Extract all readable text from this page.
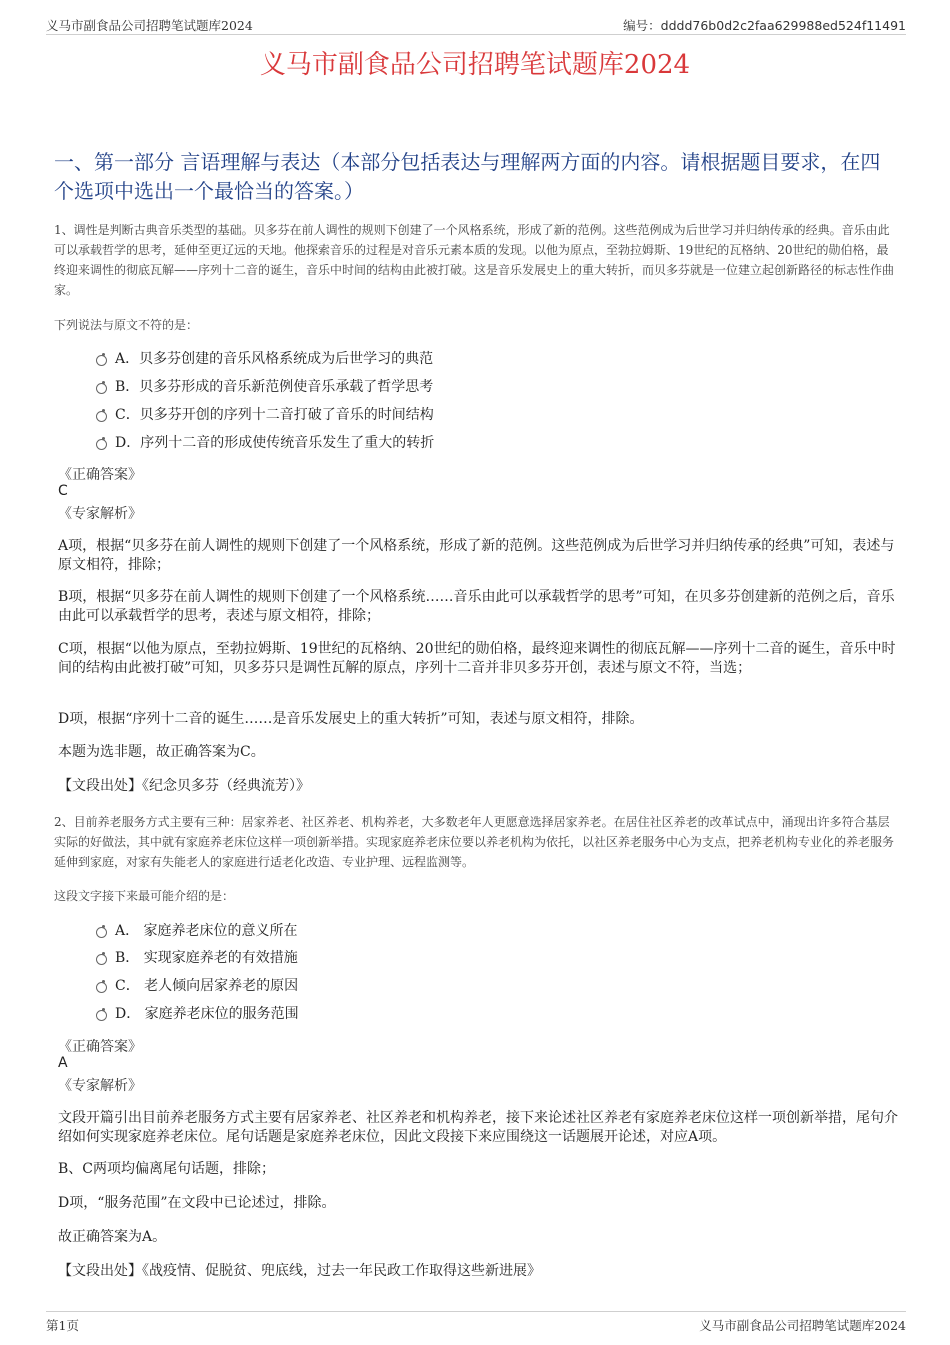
义马市副食品公司招聘笔试题库2024	编号：dddd76b0d2c2faa629988ed524f11491
义马市副食品公司招聘笔试题库2024
一、第一部分 言语理解与表达（本部分包括表达与理解两方面的内容。请根据题目要求，在四个选项中选出一个最恰当的答案。）
1、调性是判断古典音乐类型的基础。贝多芬在前人调性的规则下创建了一个风格系统，形成了新的范例。这些范例成为后世学习并归纳传承的经典。音乐由此可以承载哲学的思考，延伸至更辽远的天地。他探索音乐的过程是对音乐元素本质的发现。以他为原点，至勃拉姆斯、19世纪的瓦格纳、20世纪的勋伯格，最终迎来调性的彻底瓦解——序列十二音的诞生，音乐中时间的结构由此被打破。这是音乐发展史上的重大转折，而贝多芬就是一位建立起创新路径的标志性作曲家。
下列说法与原文不符的是：
A．贝多芬创建的音乐风格系统成为后世学习的典范
B．贝多芬形成的音乐新范例使音乐承载了哲学思考
C．贝多芬开创的序列十二音打破了音乐的时间结构
D．序列十二音的形成使传统音乐发生了重大的转折
《正确答案》
C
《专家解析》
A项，根据“贝多芬在前人调性的规则下创建了一个风格系统，形成了新的范例。这些范例成为后世学习并归纳传承的经典”可知，表述与原文相符，排除；
B项，根据“贝多芬在前人调性的规则下创建了一个风格系统……音乐由此可以承载哲学的思考”可知，在贝多芬创建新的范例之后，音乐由此可以承载哲学的思考，表述与原文相符，排除；
C项，根据“以他为原点，至勃拉姆斯、19世纪的瓦格纳、20世纪的勋伯格，最终迎来调性的彻底瓦解——序列十二音的诞生，音乐中时间的结构由此被打破”可知，贝多芬只是调性瓦解的原点，序列十二音并非贝多芬开创，表述与原文不符，当选；
D项，根据“序列十二音的诞生……是音乐发展史上的重大转折”可知，表述与原文相符，排除。
本题为选非题，故正确答案为C。
【文段出处】《纪念贝多芬（经典流芳）》
2、目前养老服务方式主要有三种：居家养老、社区养老、机构养老，大多数老年人更愿意选择居家养老。在居住社区养老的改革试点中，涌现出许多符合基层实际的好做法，其中就有家庭养老床位这样一项创新举措。实现家庭养老床位要以养老机构为依托，以社区养老服务中心为支点，把养老机构专业化的养老服务延伸到家庭，对家有失能老人的家庭进行适老化改造、专业护理、远程监测等。
这段文字接下来最可能介绍的是：
A． 家庭养老床位的意义所在
B． 实现家庭养老的有效措施
C． 老人倾向居家养老的原因
D． 家庭养老床位的服务范围
《正确答案》
A
《专家解析》
文段开篇引出目前养老服务方式主要有居家养老、社区养老和机构养老，接下来论述社区养老有家庭养老床位这样一项创新举措，尾句介绍如何实现家庭养老床位。尾句话题是家庭养老床位，因此文段接下来应围绕这一话题展开论述，对应A项。
B、C两项均偏离尾句话题，排除；
D项，“服务范围”在文段中已论述过，排除。
故正确答案为A。
【文段出处】《战疫情、促脱贫、兜底线，过去一年民政工作取得这些新进展》
第1页	义马市副食品公司招聘笔试题库2024
